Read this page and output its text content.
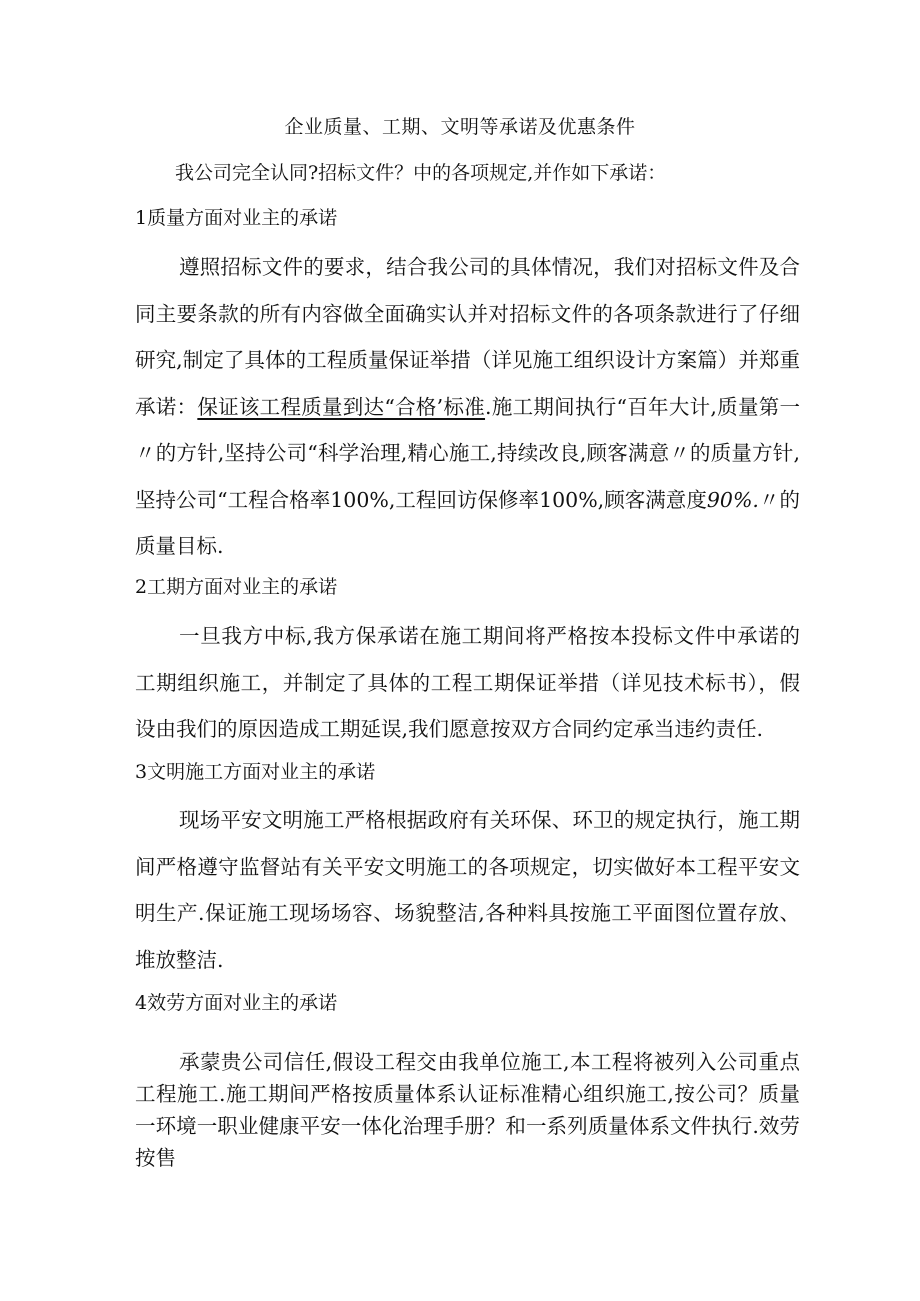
企业质量、工期、文明等承诺及优惠条件
我公司完全认同?招标文件？中的各项规定,并作如下承诺：
1质量方面对业主的承诺
遵照招标文件的要求，结合我公司的具体情况，我们对招标文件及合同主要条款的所有内容做全面确实认并对招标文件的各项条款进行了仔细研究,制定了具体的工程质量保证举措（详见施工组织设计方案篇）并郑重承诺：保证该工程质量到达“合格’标准.施工期间执行“百年大计,质量第一〃的方针,坚持公司“科学治理,精心施工,持续改良,顾客满意〃的质量方针,坚持公司“工程合格率100%,工程回访保修率100%,顾客满意度90%.〃的质量目标.
2工期方面对业主的承诺
一旦我方中标,我方保承诺在施工期间将严格按本投标文件中承诺的工期组织施工，并制定了具体的工程工期保证举措（详见技术标书），假设由我们的原因造成工期延误,我们愿意按双方合同约定承当违约责任.
3文明施工方面对业主的承诺
现场平安文明施工严格根据政府有关环保、环卫的规定执行，施工期间严格遵守监督站有关平安文明施工的各项规定，切实做好本工程平安文明生产.保证施工现场场容、场貌整洁,各种料具按施工平面图位置存放、堆放整洁.
4效劳方面对业主的承诺
承蒙贵公司信任,假设工程交由我单位施工,本工程将被列入公司重点工程施工.施工期间严格按质量体系认证标准精心组织施工,按公司？质量一环境一职业健康平安一体化治理手册？和一系列质量体系文件执行.效劳按售
